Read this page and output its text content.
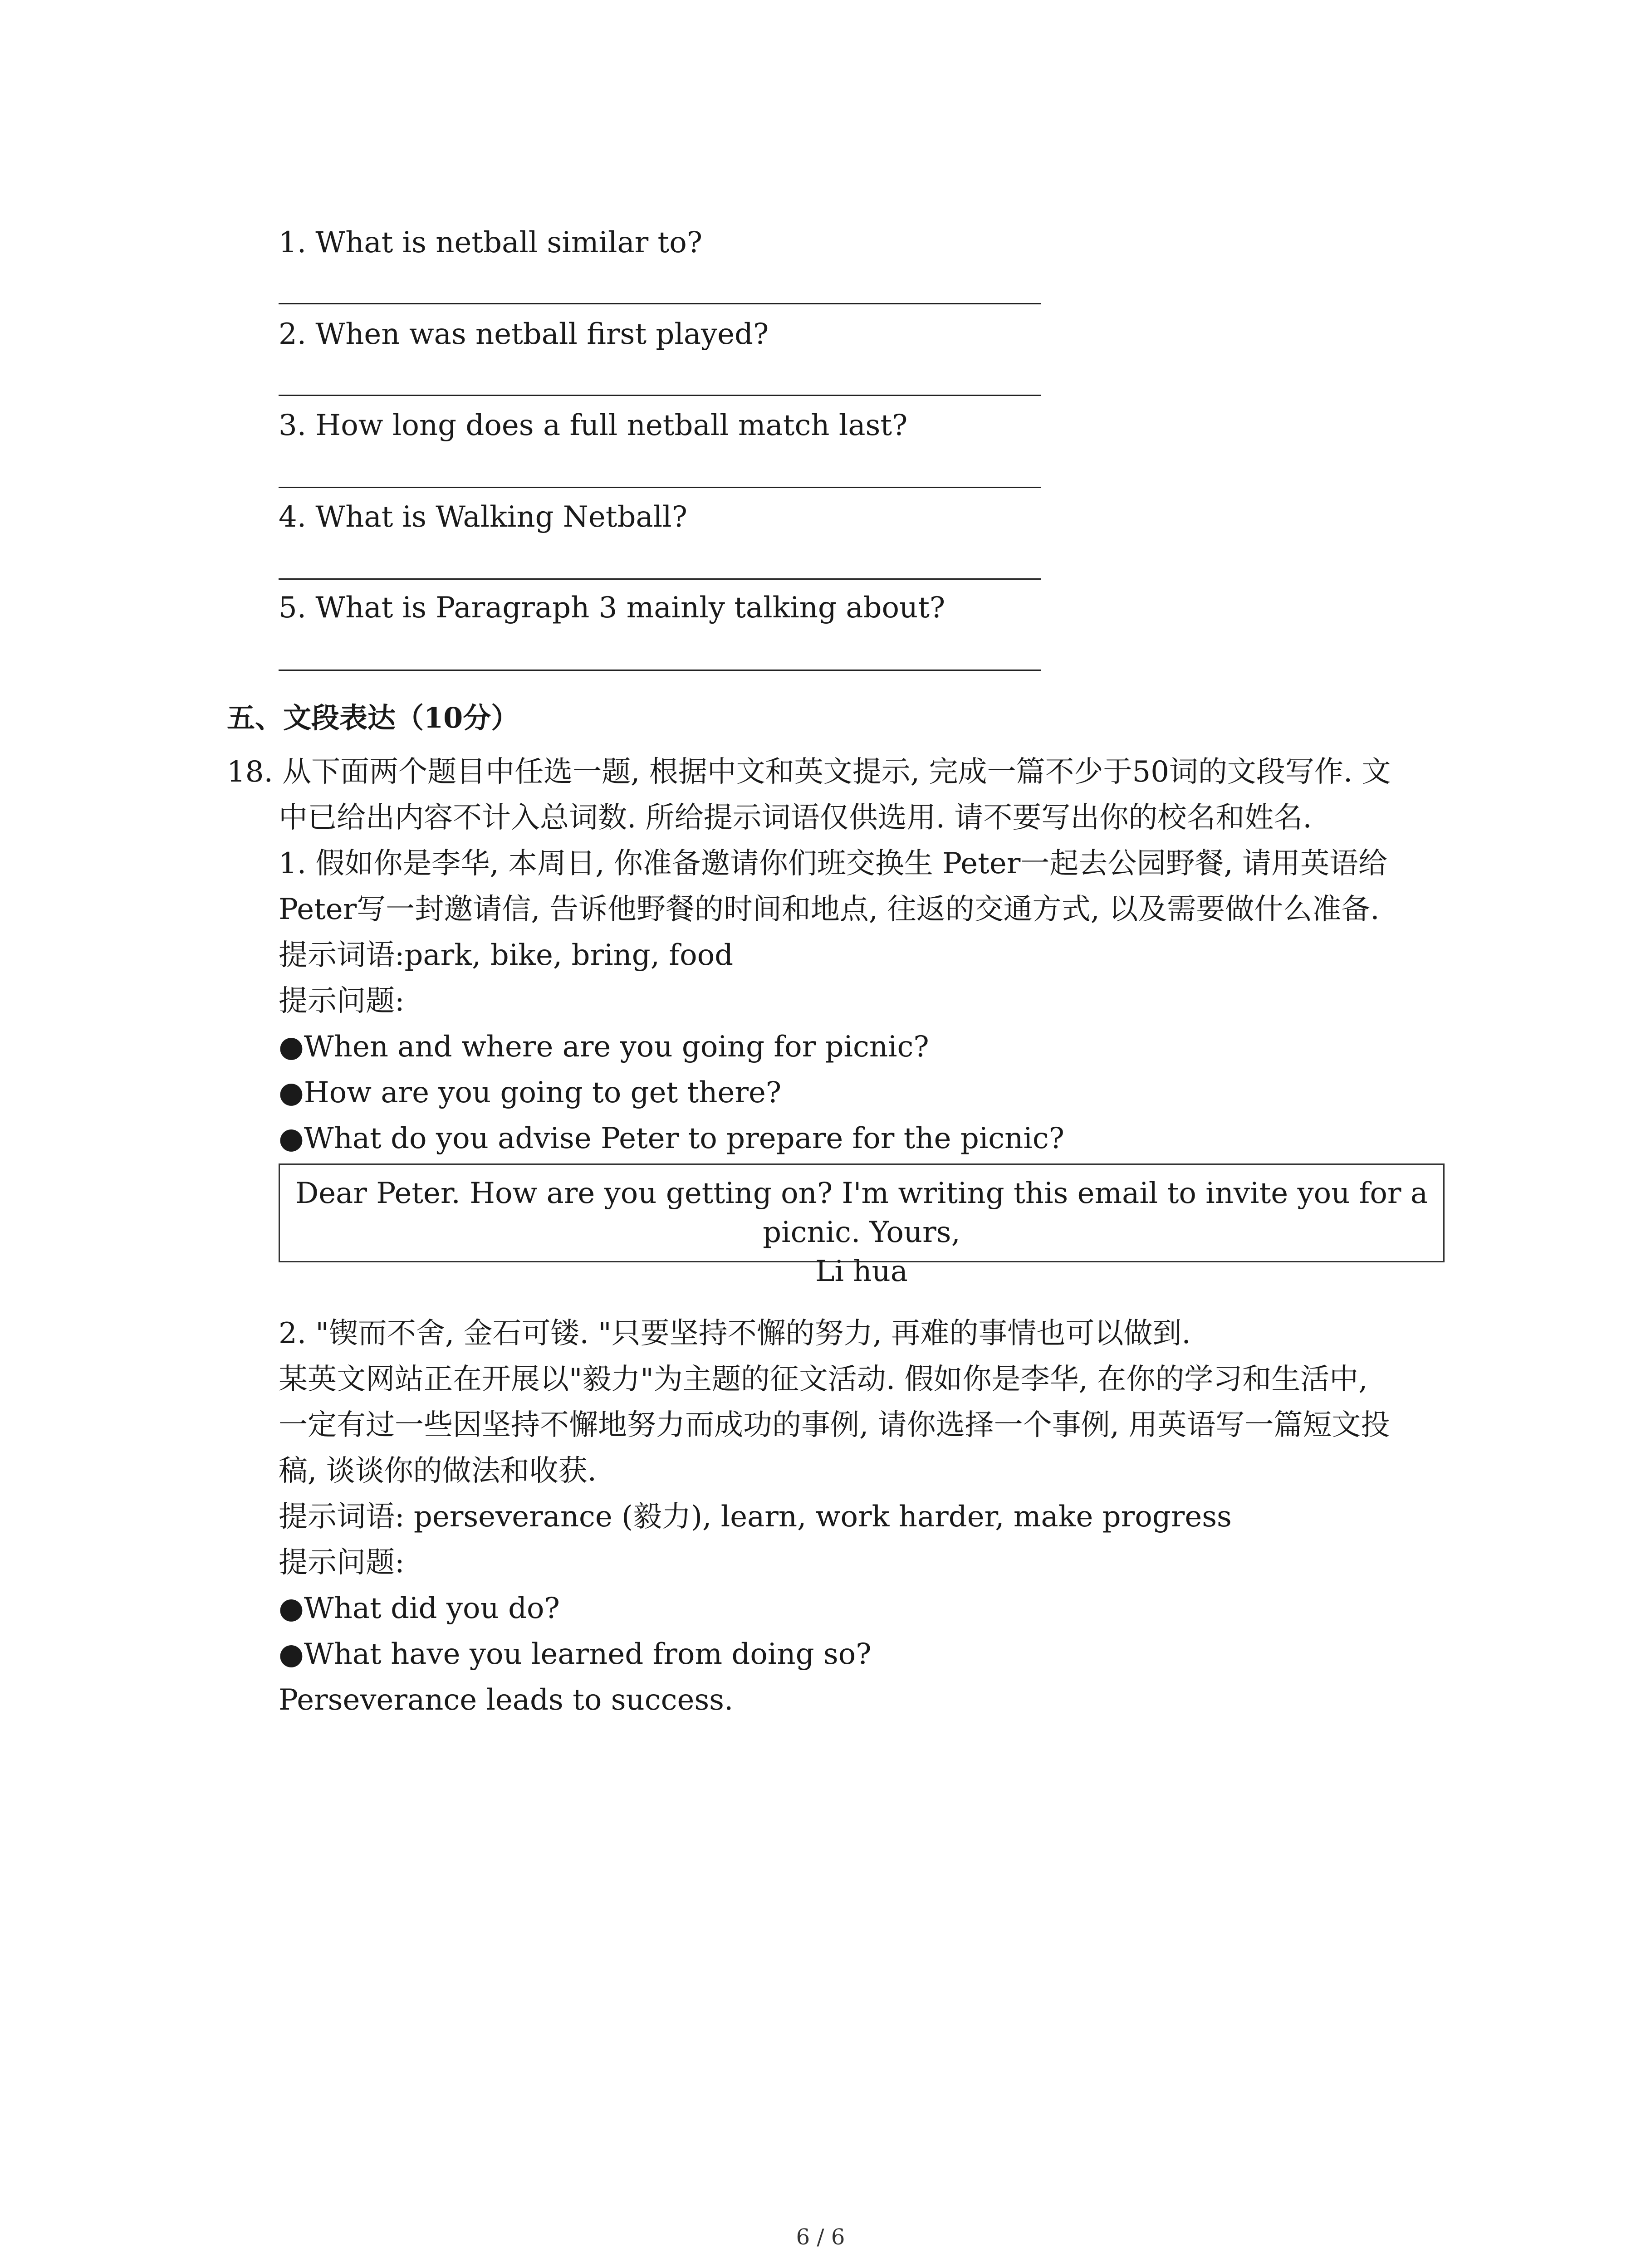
1. What is netball similar to?
2. When was netball first played?
3. How long does a full netball match last?
4. What is Walking Netball?
5. What is Paragraph 3 mainly talking about?
五、文段表达（10分）
18. 从下面两个题目中任选一题, 根据中文和英文提示, 完成一篇不少于50词的文段写作. 文
中已给出内容不计入总词数. 所给提示词语仅供选用. 请不要写出你的校名和姓名.
1. 假如你是李华, 本周日, 你准备邀请你们班交换生 Peter一起去公园野餐, 请用英语给
Peter写一封邀请信, 告诉他野餐的时间和地点, 往返的交通方式, 以及需要做什么准备.
提示词语:park, bike, bring, food
提示问题:
●When and where are you going for picnic?
●How are you going to get there?
●What do you advise Peter to prepare for the picnic?
Dear Peter. How are you getting on? I'm writing this email to invite you for a picnic. Yours,
Li hua
2. "锲而不舍, 金石可镂. "只要坚持不懈的努力, 再难的事情也可以做到.
某英文网站正在开展以"毅力"为主题的征文活动. 假如你是李华, 在你的学习和生活中,
一定有过一些因坚持不懈地努力而成功的事例, 请你选择一个事例, 用英语写一篇短文投
稿, 谈谈你的做法和收获.
提示词语: perseverance (毅力), learn, work harder, make progress
提示问题:
●What did you do?
●What have you learned from doing so?
Perseverance leads to success.
6 / 6
